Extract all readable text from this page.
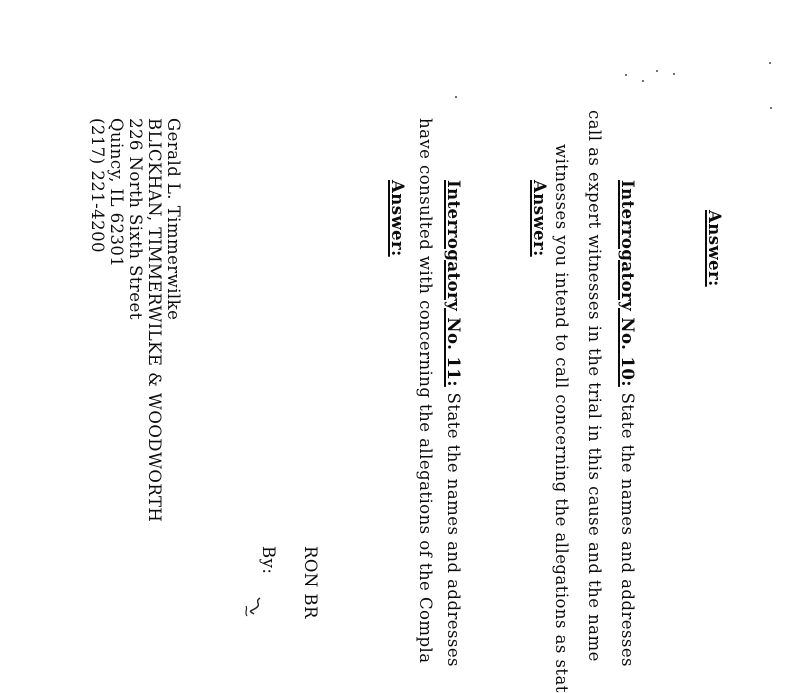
Answer:
Interrogatory No. 10: State the names and addresses
call as expert witnesses in the trial in this cause and the name
witnesses you intend to call concerning the allegations as stat
Answer:
Interrogatory No. 11: State the names and addresses
have consulted with concerning the allegations of the Compla
Answer:
RON BR
By:
Gerald L. Timmerwilke
BLICKHAN, TIMMERWILKE & WOODWORTH
226 North Sixth Street
Quincy, IL 62301
(217) 221-4200
